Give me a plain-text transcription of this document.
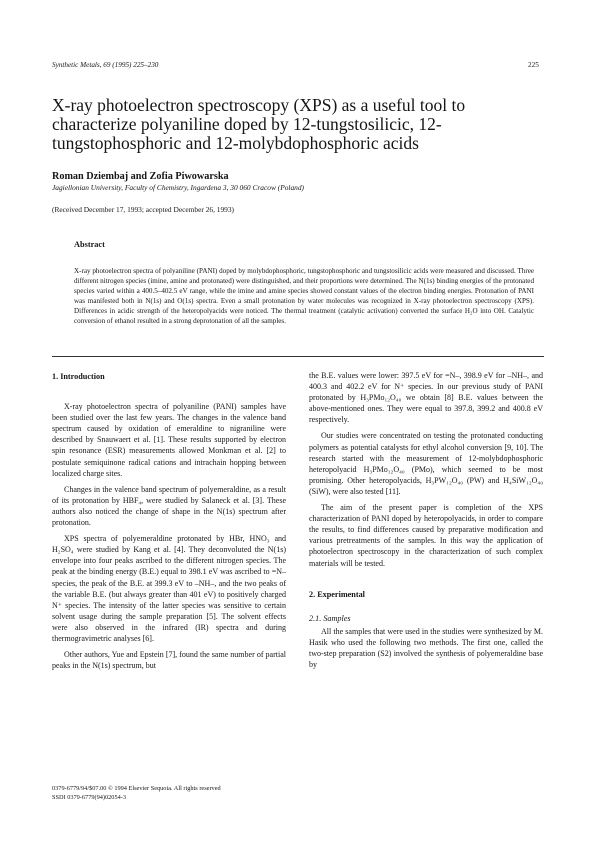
Synthetic Metals, 69 (1995) 225–230	225
X-ray photoelectron spectroscopy (XPS) as a useful tool to characterize polyaniline doped by 12-tungstosilicic, 12-tungstophosphoric and 12-molybdophosphoric acids
Roman Dziembaj and Zofia Piwowarska
Jagiellonian University, Faculty of Chemistry, Ingardena 3, 30 060 Cracow (Poland)
(Received December 17, 1993; accepted December 26, 1993)
Abstract
X-ray photoelectron spectra of polyaniline (PANI) doped by molybdophosphoric, tungstophosphoric and tungstosilicic acids were measured and discussed. Three different nitrogen species (imine, amine and protonated) were distinguished, and their proportions were determined. The N(1s) binding energies of the protonated species varied within a 400.5–402.5 eV range, while the imine and amine species showed constant values of the electron binding energies. Protonation of PANI was manifested both in N(1s) and O(1s) spectra. Even a small protonation by water molecules was recognized in X-ray photoelectron spectroscopy (XPS). Differences in acidic strength of the heteropolyacids were noticed. The thermal treatment (catalytic activation) converted the surface H₂O into OH. Catalytic conversion of ethanol resulted in a strong deprotonation of all the samples.
1. Introduction

X-ray photoelectron spectra of polyaniline (PANI) samples have been studied over the last few years. The changes in the valence band spectrum caused by oxidation of emeraldine to nigraniline were described by Snauwaert et al. [1]. These results supported by electron spin resonance (ESR) measurements allowed Monkman et al. [2] to postulate semiquinone radical cations and intrachain hopping between localized charge sites.

Changes in the valence band spectrum of polyemeraldine, as a result of its protonation by HBF₄, were studied by Salaneck et al. [3]. These authors also noticed the change of shape in the N(1s) spectrum after protonation.

XPS spectra of polyemeraldine protonated by HBr, HNO₃ and H₂SO₄ were studied by Kang et al. [4]. They deconvoluted the N(1s) envelope into four peaks ascribed to the different nitrogen species. The peak at the binding energy (B.E.) equal to 398.1 eV was ascribed to =N– species, the peak of the B.E. at 399.3 eV to –NH–, and the two peaks of the variable B.E. (but always greater than 401 eV) to positively charged N⁺ species. The intensity of the latter species was sensitive to certain solvent usage during the sample preparation [5]. The solvent effects were also observed in the infrared (IR) spectra and during thermogravimetric analyses [6].

Other authors, Yue and Epstein [7], found the same number of partial peaks in the N(1s) spectrum, but

the B.E. values were lower: 397.5 eV for =N–, 398.9 eV for –NH–, and 400.3 and 402.2 eV for N⁺ species. In our previous study of PANI protonated by H₃PMo₁₂O₄₀ we obtain [8] B.E. values between the above-mentioned ones. They were equal to 397.8, 399.2 and 400.8 eV respectively.

Our studies were concentrated on testing the protonated conducting polymers as potential catalysts for ethyl alcohol conversion [9, 10]. The research started with the measurement of 12-molybdophosphoric heteropolyacid H₃PMo₁₂O₄₀ (PMo), which seemed to be most promising. Other heteropolyacids, H₃PW₁₂O₄₀ (PW) and H₄SiW₁₂O₄₀ (SiW), were also tested [11].

The aim of the present paper is completion of the XPS characterization of PANI doped by heteropolyacids, in order to compare the results, to find differences caused by preparative modification and various pretreatments of the samples. In this way the application of photoelectron spectroscopy in the characterization of such complex materials will be tested.

2. Experimental
2.1. Samples

All the samples that were used in the studies were synthesized by M. Hasik who used the following two methods. The first one, called the two-step preparation (S2) involved the synthesis of polyemeraldine base by

0379-6779/94/$07.00 © 1994 Elsevier Sequoia. All rights reserved
SSDI 0379-6779(94)02054-3
